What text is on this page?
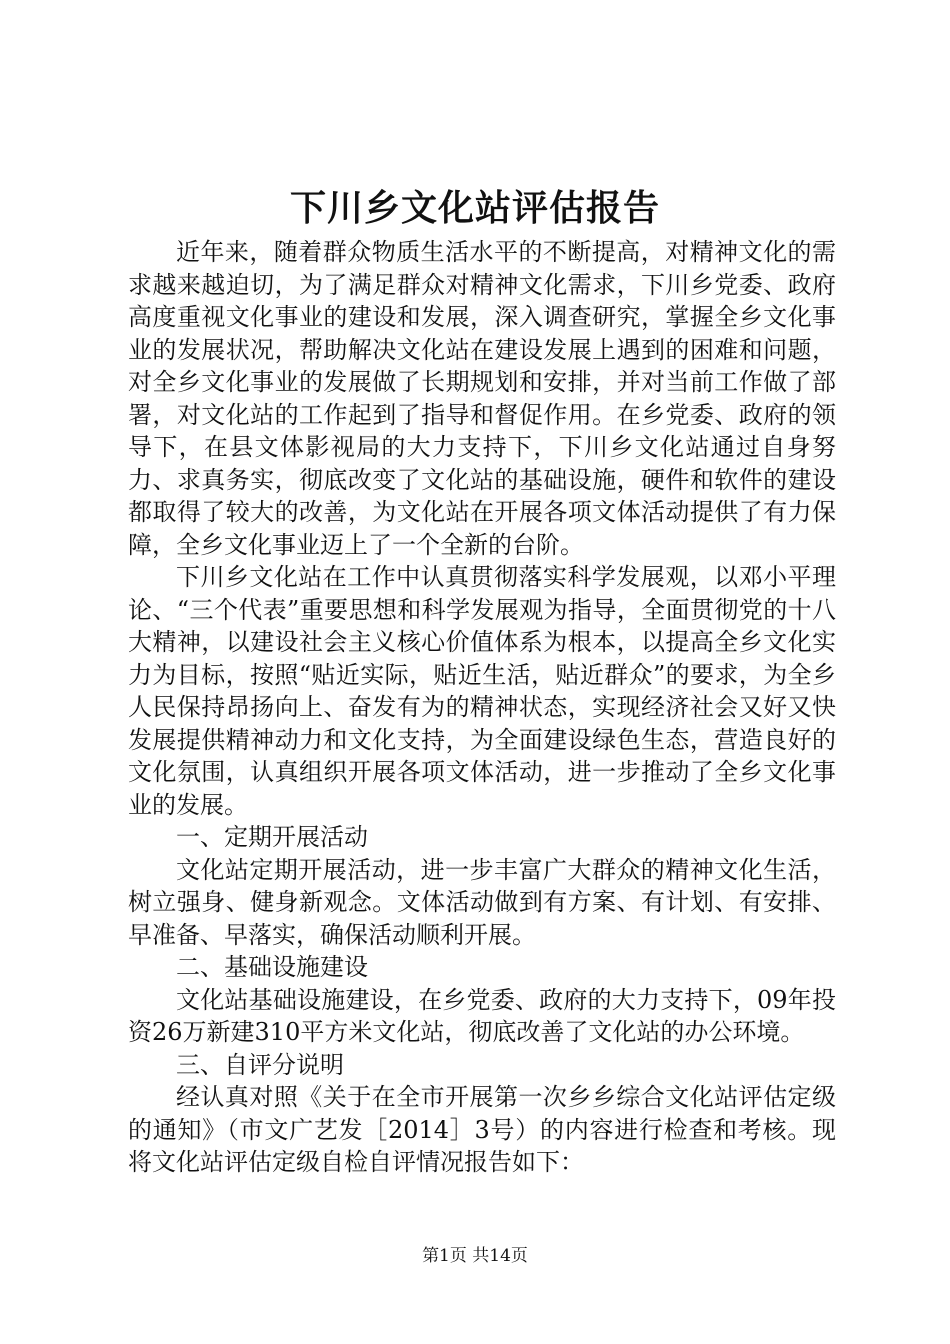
下川乡文化站评估报告

近年来，随着群众物质生活水平的不断提高，对精神文化的需求越来越迫切，为了满足群众对精神文化需求，下川乡党委、政府高度重视文化事业的建设和发展，深入调查研究，掌握全乡文化事业的发展状况，帮助解决文化站在建设发展上遇到的困难和问题，对全乡文化事业的发展做了长期规划和安排，并对当前工作做了部署，对文化站的工作起到了指导和督促作用。在乡党委、政府的领导下，在县文体影视局的大力支持下，下川乡文化站通过自身努力、求真务实，彻底改变了文化站的基础设施，硬件和软件的建设都取得了较大的改善，为文化站在开展各项文体活动提供了有力保障，全乡文化事业迈上了一个全新的台阶。

下川乡文化站在工作中认真贯彻落实科学发展观，以邓小平理论、“三个代表”重要思想和科学发展观为指导，全面贯彻党的十八大精神，以建设社会主义核心价值体系为根本，以提高全乡文化实力为目标，按照“贴近实际，贴近生活，贴近群众”的要求，为全乡人民保持昂扬向上、奋发有为的精神状态，实现经济社会又好又快发展提供精神动力和文化支持，为全面建设绿色生态，营造良好的文化氛围，认真组织开展各项文体活动，进一步推动了全乡文化事业的发展。

一、定期开展活动

文化站定期开展活动，进一步丰富广大群众的精神文化生活，树立强身、健身新观念。文体活动做到有方案、有计划、有安排、早准备、早落实，确保活动顺利开展。

二、基础设施建设

文化站基础设施建设，在乡党委、政府的大力支持下，09年投资26万新建310平方米文化站，彻底改善了文化站的办公环境。

三、自评分说明

经认真对照《关于在全市开展第一次乡乡综合文化站评估定级的通知》（市文广艺发［2014］3号）的内容进行检查和考核。现将文化站评估定级自检自评情况报告如下：

第1页 共14页
